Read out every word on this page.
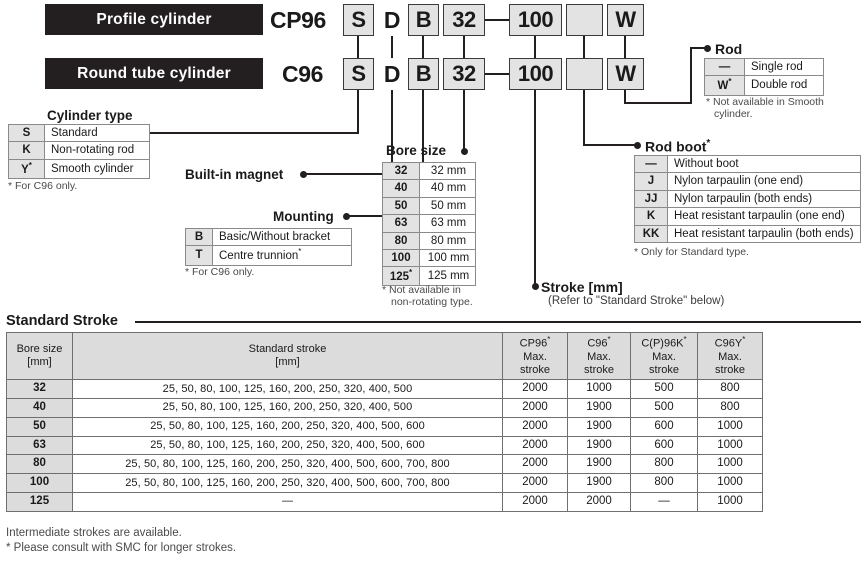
Profile cylinder
Round tube cylinder
CP96	S D B 32	100	W
C96	S D B 32	100	W
Cylinder type
S	Standard
K	Non-rotating rod
Y*	Smooth cylinder
* For C96 only.
Built-in magnet
Mounting
B	Basic/Without bracket
T	Centre trunnion*
* For C96 only.
Bore size
32	32 mm
40	40 mm
50	50 mm
63	63 mm
80	80 mm
100	100 mm
125*	125 mm
* Not available in
non-rotating type.
Stroke [mm]
(Refer to "Standard Stroke" below)
Rod boot*
—	Without boot
J	Nylon tarpaulin (one end)
JJ	Nylon tarpaulin (both ends)
K	Heat resistant tarpaulin (one end)
KK	Heat resistant tarpaulin (both ends)
* Only for Standard type.
Rod
—	Single rod
W*	Double rod
* Not available in Smooth
cylinder.
Standard Stroke
Bore size
[mm]

Standard stroke
[mm]

CP96*
Max.
stroke

C96*
Max.
stroke

C(P)96K*
Max.
stroke

C96Y*
Max.
stroke

32	25, 50, 80, 100, 125, 160, 200, 250, 320, 400, 500	2000	1000	500	800
40	25, 50, 80, 100, 125, 160, 200, 250, 320, 400, 500	2000	1900	500	800
50	25, 50, 80, 100, 125, 160, 200, 250, 320, 400, 500, 600	2000	1900	600	1000
63	25, 50, 80, 100, 125, 160, 200, 250, 320, 400, 500, 600	2000	1900	600	1000
80	25, 50, 80, 100, 125, 160, 200, 250, 320, 400, 500, 600, 700, 800	2000	1900	800	1000
100	25, 50, 80, 100, 125, 160, 200, 250, 320, 400, 500, 600, 700, 800	2000	1900	800	1000
125	—	2000	2000	—	1000
Intermediate strokes are available.
* Please consult with SMC for longer strokes.
